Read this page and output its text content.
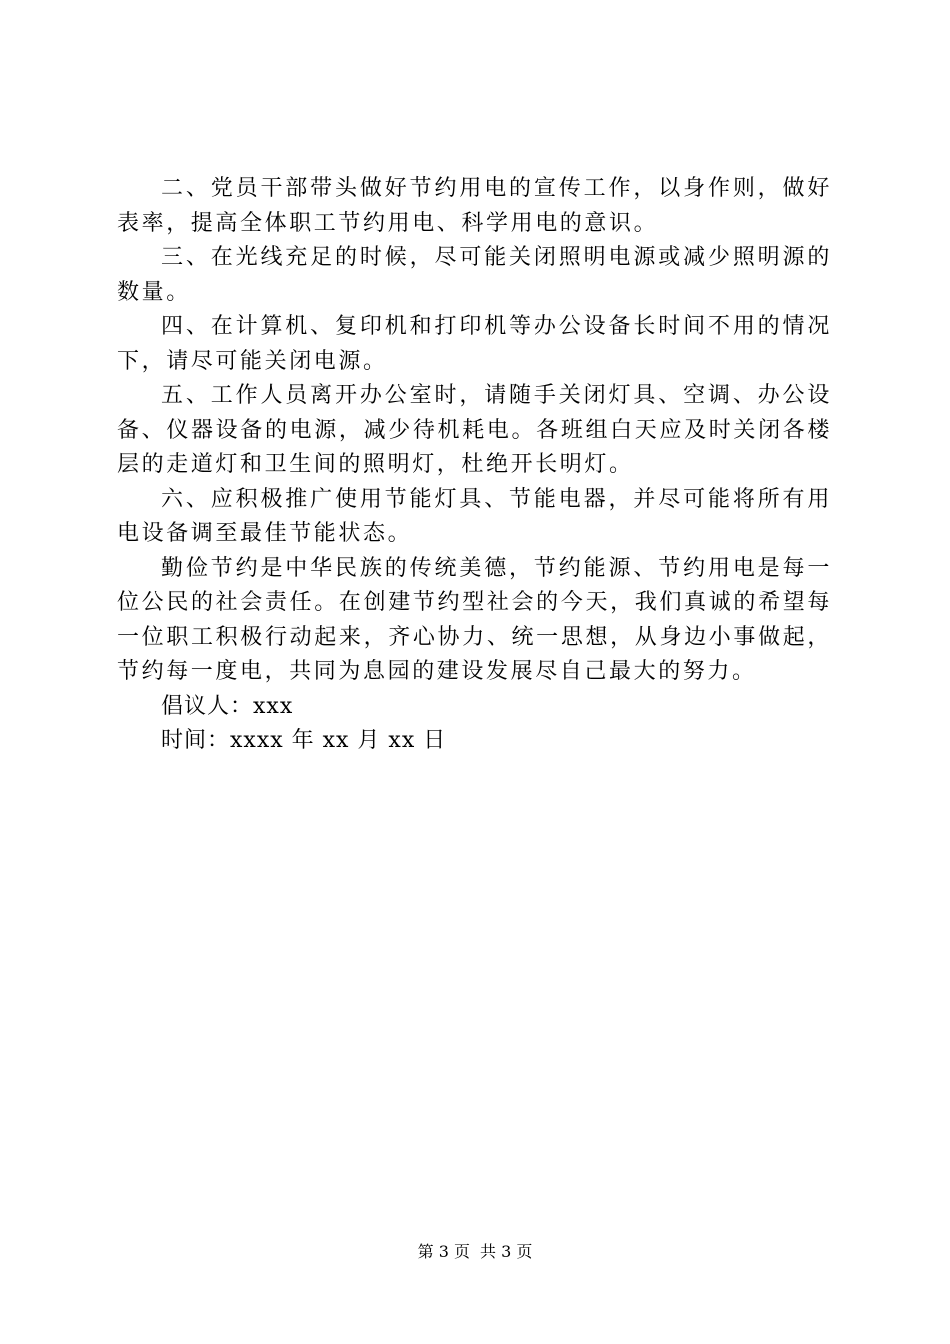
二、党员干部带头做好节约用电的宣传工作，以身作则，做好表率，提高全体职工节约用电、科学用电的意识。

三、在光线充足的时候，尽可能关闭照明电源或减少照明源的数量。

四、在计算机、复印机和打印机等办公设备长时间不用的情况下，请尽可能关闭电源。

五、工作人员离开办公室时，请随手关闭灯具、空调、办公设备、仪器设备的电源，减少待机耗电。各班组白天应及时关闭各楼层的走道灯和卫生间的照明灯，杜绝开长明灯。

六、应积极推广使用节能灯具、节能电器，并尽可能将所有用电设备调至最佳节能状态。

勤俭节约是中华民族的传统美德，节约能源、节约用电是每一位公民的社会责任。在创建节约型社会的今天，我们真诚的希望每一位职工积极行动起来，齐心协力、统一思想，从身边小事做起，节约每一度电，共同为息园的建设发展尽自己最大的努力。

倡议人：xxx

时间：xxxx 年 xx 月 xx 日

第 3 页 共 3 页
